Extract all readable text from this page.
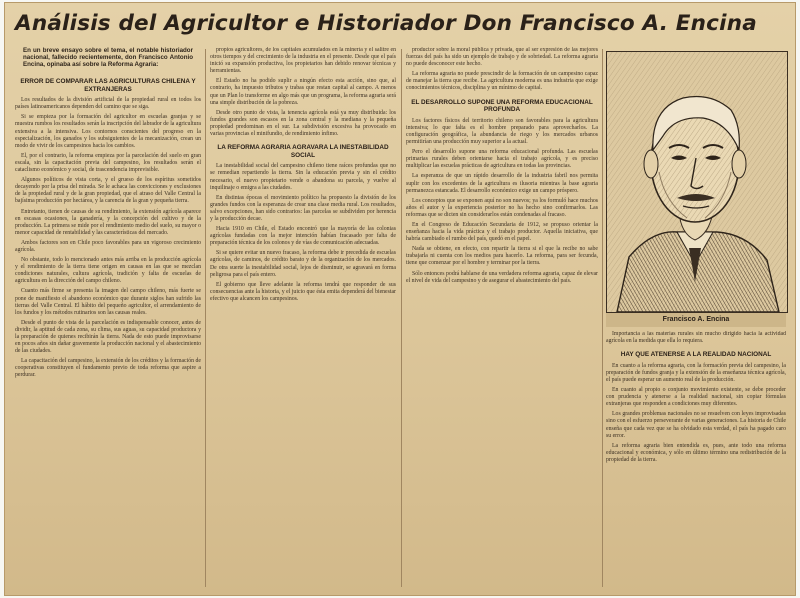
Análisis del Agricultor e Historiador Don Francisco A. Encina
En un breve ensayo sobre el tema, el notable historiador nacional, fallecido recientemente, don Francisco Antonio Encina, opinaba así sobre la Reforma Agraria:
ERROR DE COMPARAR LAS AGRICULTURAS CHILENA Y EXTRANJERAS

Los resultados de la división artificial de la propiedad rural en todos los países latinoamericanos dependen del camino que se siga.

Si se empieza por la formación del agricultor en escuelas granjas y se muestra rumbos los resultados serán la inscripción del labrador de la agricultura extensiva a la intensiva. Los contornos conscientes del progreso en la especialización, los ganados y los subsiguientes de la mecanización, crean un modo de vivir de los campesinos hacia los cambios.

El, por el contrario, la reforma empieza por la parcelación del suelo en gran escala, sin la capacitación previa del campesino, los resultados serán el cataclismo económico y social, de trascendencia imprevisible.

Algunos políticos de vista corta, y el grueso de los espíritus sometidos decayendo por la prisa del mirada. Se le achaca las convicciones y exclusiones de la propiedad rural y de la gran propiedad, que el atraso del Valle Central la bajísima producción por hectárea, y la carencia de la gran y pequeña tierra.

Entretanto, tienen de causas de su rendimiento, la extensión agrícola aparece en escasas ocasiones, la ganadería, y la concepción del cultivo y de la producción. La primera se mide por el rendimiento medio del suelo, su mayor o menor capacidad de rentabilidad y las características del mercado.

Ambos factores son en Chile poco favorables para un vigoroso crecimiento agrícola.

No obstante, todo lo mencionado antes más arriba en la producción agrícola y el rendimiento de la tierra tiene origen en causas en las que se mezclan condiciones naturales, cultura agrícola, tradición y falta de escuelas de agricultura en la dirección del campo chileno.

Cuanto más firme se presenta la imagen del campo chileno, más fuerte se pone de manifiesto el abandono económico que durante siglos han sufrido las tierras del Valle Central. El hábito del pequeño agricultor, el arrendamiento de los fundos y los métodos rutinarios son las causas reales.

Desde el punto de vista de la parcelación es indispensable conocer, antes de dividir, la aptitud de cada zona, su clima, sus aguas, su capacidad productora y la preparación de quienes recibirán la tierra. Nada de esto puede improvisarse en pocos años sin dañar gravemente la producción nacional y el abastecimiento de las ciudades.

La capacitación del campesino, la extensión de los créditos y la formación de cooperativas constituyen el fundamento previo de toda reforma que aspire a perdurar.

propios agricultores, de los capitales acumulados en la minería y el salitre en otros tiempos y del crecimiento de la industria en el presente. Desde que el país inició su expansión productiva, los propietarios han debido renovar técnicas y herramientas.

El Estado no ha podido suplir a ningún efecto esta acción, sino que, al contrario, ha impuesto tributos y trabas que restan capital al campo. A menos que un Plan lo transforme en algo más que un programa, la reforma agraria será una simple distribución de la pobreza.

Desde otro punto de vista, la tenencia agrícola está ya muy distribuida: los fundos grandes son escasos en la zona central y la mediana y la pequeña propiedad predominan en el sur. La subdivisión excesiva ha provocado en varias provincias el minifundio, de rendimiento ínfimo.

LA REFORMA AGRARIA AGRAVARA LA INESTABILIDAD SOCIAL

La inestabilidad social del campesino chileno tiene raíces profundas que no se remedian repartiendo la tierra. Sin la educación previa y sin el crédito necesario, el nuevo propietario vende o abandona su parcela, y vuelve al inquilinaje o emigra a las ciudades.

En distintas épocas el movimiento político ha propuesto la división de los grandes fundos con la esperanza de crear una clase media rural. Los resultados, salvo excepciones, han sido contrarios: las parcelas se subdividen por herencia y la producción decae.

Hacia 1910 en Chile, el Estado encontró que la mayoría de las colonias agrícolas fundadas con la mejor intención habían fracasado por falta de preparación técnica de los colonos y de vías de comunicación adecuadas.

Si se quiere evitar un nuevo fracaso, la reforma debe ir precedida de escuelas agrícolas, de caminos, de crédito barato y de la organización de los mercados. De otra suerte la inestabilidad social, lejos de disminuir, se agravará en forma peligrosa para el país entero.

El gobierno que lleve adelante la reforma tendrá que responder de sus consecuencias ante la historia, y el juicio que ésta emita dependerá del bienestar efectivo que alcancen los campesinos.

productor sobre la moral pública y privada, que al ser expresión de las mejores fuerzas del país ha sido un ejemplo de trabajo y de sobriedad. La reforma agraria no puede desconocer este hecho.

La reforma agraria no puede prescindir de la formación de un campesino capaz de manejar la tierra que recibe. La agricultura moderna es una industria que exige conocimientos técnicos, disciplina y un mínimo de capital.

EL DESARROLLO SUPONE UNA REFORMA EDUCACIONAL PROFUNDA

Los factores físicos del territorio chileno son favorables para la agricultura intensiva; lo que falta es el hombre preparado para aprovecharlos. La configuración geográfica, la abundancia de riego y los mercados urbanos permitirían una producción muy superior a la actual.

Pero el desarrollo supone una reforma educacional profunda. Las escuelas primarias rurales deben orientarse hacia el trabajo agrícola, y es preciso multiplicar las escuelas prácticas de agricultura en todas las provincias.

La esperanza de que un rápido desarrollo de la industria fabril nos permita suplir con los excedentes de la agricultura es ilusoria mientras la base agraria permanezca estancada. El desarrollo económico exige un campo próspero.

Los conceptos que se exponen aquí no son nuevos; ya los formuló hace muchos años el autor y la experiencia posterior no ha hecho sino confirmarlos. Las reformas que se dicten sin considerarlos están condenadas al fracaso.

En el Congreso de Educación Secundaria de 1912, se propuso orientar la enseñanza hacia la vida práctica y el trabajo productor. Aquella iniciativa, que habría cambiado el rumbo del país, quedó en el papel.

Nada se obtiene, en efecto, con repartir la tierra si el que la recibe no sabe trabajarla ni cuenta con los medios para hacerlo. La reforma, para ser fecunda, tiene que comenzar por el hombre y terminar por la tierra.

Sólo entonces podrá hablarse de una verdadera reforma agraria, capaz de elevar el nivel de vida del campesino y de asegurar el abastecimiento del país.

Francisco A. Encina

Importancia a las materias rurales sin mucho dirigido hacia la actividad agrícola en la medida que ella lo requiera.

HAY QUE ATENERSE A LA REALIDAD NACIONAL

En cuanto a la reforma agraria, con la formación previa del campesino, la preparación de fundos granja y la extensión de la enseñanza técnica agrícola, el país puede esperar un aumento real de la producción.

En cuanto al propio o conjunto movimiento existente, se debe proceder con prudencia y atenerse a la realidad nacional, sin copiar fórmulas extranjeras que responden a condiciones muy diferentes.

Los grandes problemas nacionales no se resuelven con leyes improvisadas sino con el esfuerzo perseverante de varias generaciones. La historia de Chile enseña que cada vez que se ha olvidado esta verdad, el país ha pagado caro su error.

La reforma agraria bien entendida es, pues, ante todo una reforma educacional y económica, y sólo en último término una redistribución de la propiedad de la tierra.
